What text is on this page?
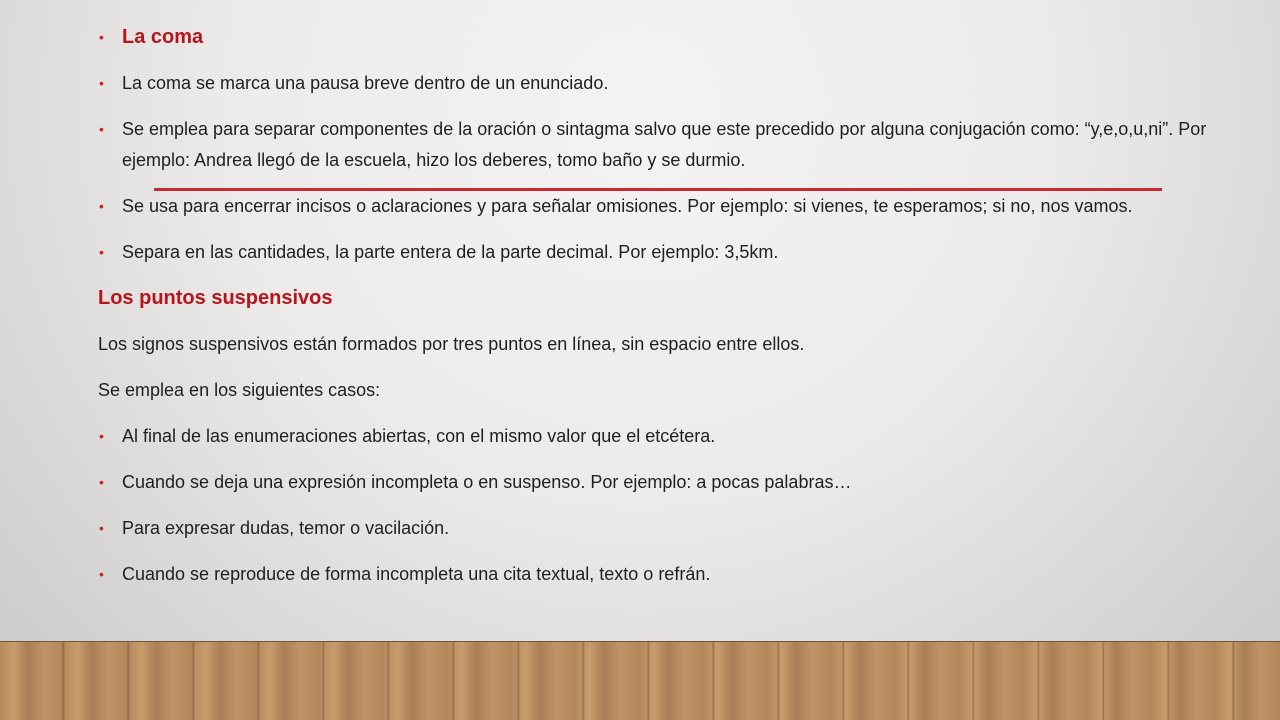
• La coma
• La coma se marca una pausa breve dentro de un enunciado.
• Se emplea para separar componentes de la oración o sintagma salvo que este precedido por alguna conjugación como: “y,e,o,u,ni”. Por ejemplo: Andrea llegó de la escuela, hizo los deberes, tomo baño y se durmio.
• Se usa para encerrar incisos o aclaraciones y para señalar omisiones. Por ejemplo: si vienes, te esperamos; si no, nos vamos.
• Separa en las cantidades, la parte entera de la parte decimal. Por ejemplo: 3,5km.
Los puntos suspensivos
Los signos suspensivos están formados por tres puntos en línea, sin espacio entre ellos.
Se emplea en los siguientes casos:
• Al final de las enumeraciones abiertas, con el mismo valor que el etcétera.
• Cuando se deja una expresión incompleta o en suspenso. Por ejemplo: a pocas palabras…
• Para expresar dudas, temor o vacilación.
• Cuando se reproduce de forma incompleta una cita textual, texto o refrán.
